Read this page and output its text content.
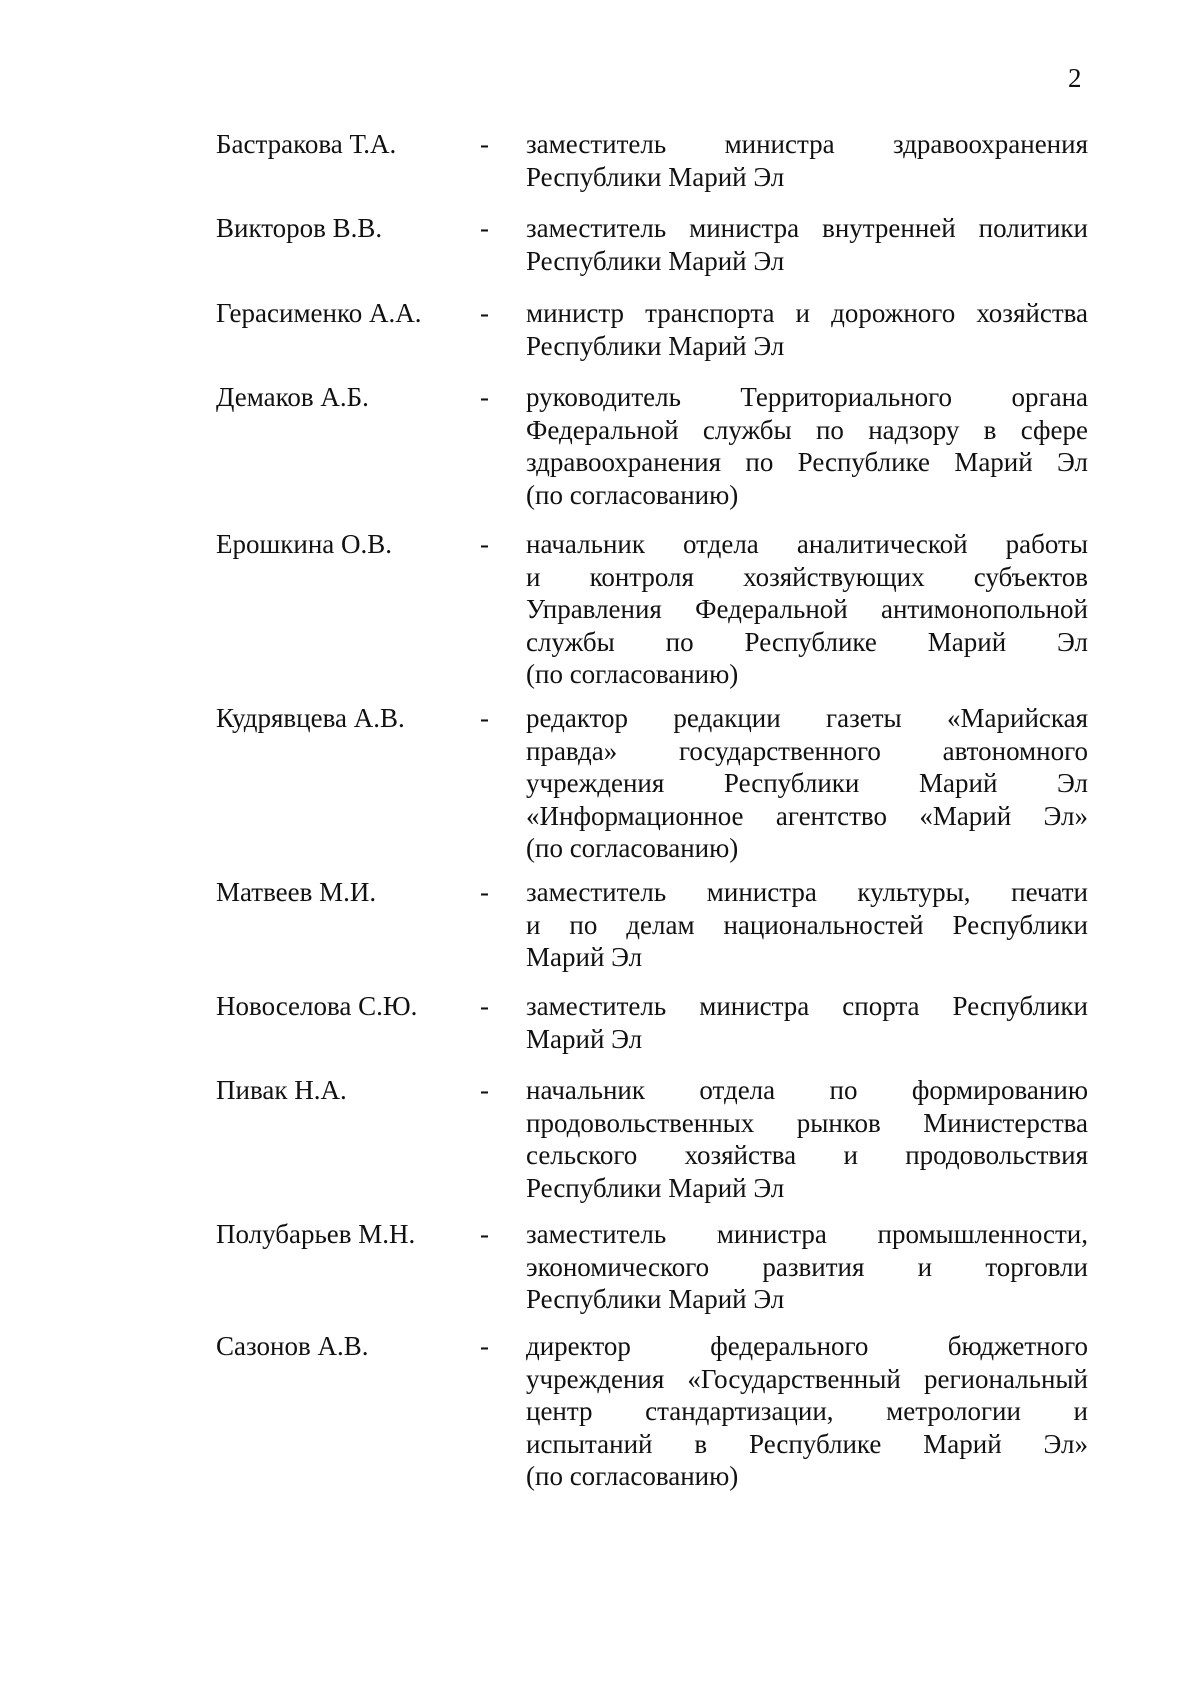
2
Бастракова Т.А.	- заместитель министра здравоохранения
Республики Марий Эл
Викторов В.В.	- заместитель министра внутренней политики
Республики Марий Эл
Герасименко А.А. - министр транспорта и дорожного хозяйства
Республики Марий Эл
Демаков А.Б.	- руководитель Территориального органа
Федеральной службы по надзору в сфере
здравоохранения по Республике Марий Эл
(по согласованию)
Ерошкина О.В.	- начальник отдела аналитической работы
и контроля хозяйствующих субъектов
Управления Федеральной антимонопольной
службы по Республике Марий Эл
(по согласованию)
Кудрявцева А.В.	- редактор редакции газеты «Марийская
правда» государственного автономного
учреждения Республики Марий Эл
«Информационное агентство «Марий Эл»
(по согласованию)
Матвеев М.И.	- заместитель министра культуры, печати
и по делам национальностей Республики
Марий Эл
Новоселова С.Ю. - заместитель министра спорта Республики
Марий Эл
Пивак Н.А.	- начальник отдела по формированию
продовольственных рынков Министерства
сельского хозяйства и продовольствия
Республики Марий Эл
Полубарьев М.Н. - заместитель министра промышленности,
экономического развития и торговли
Республики Марий Эл
Сазонов А.В.	- директор федерального бюджетного
учреждения «Государственный региональный
центр стандартизации, метрологии и
испытаний в Республике Марий Эл»
(по согласованию)
